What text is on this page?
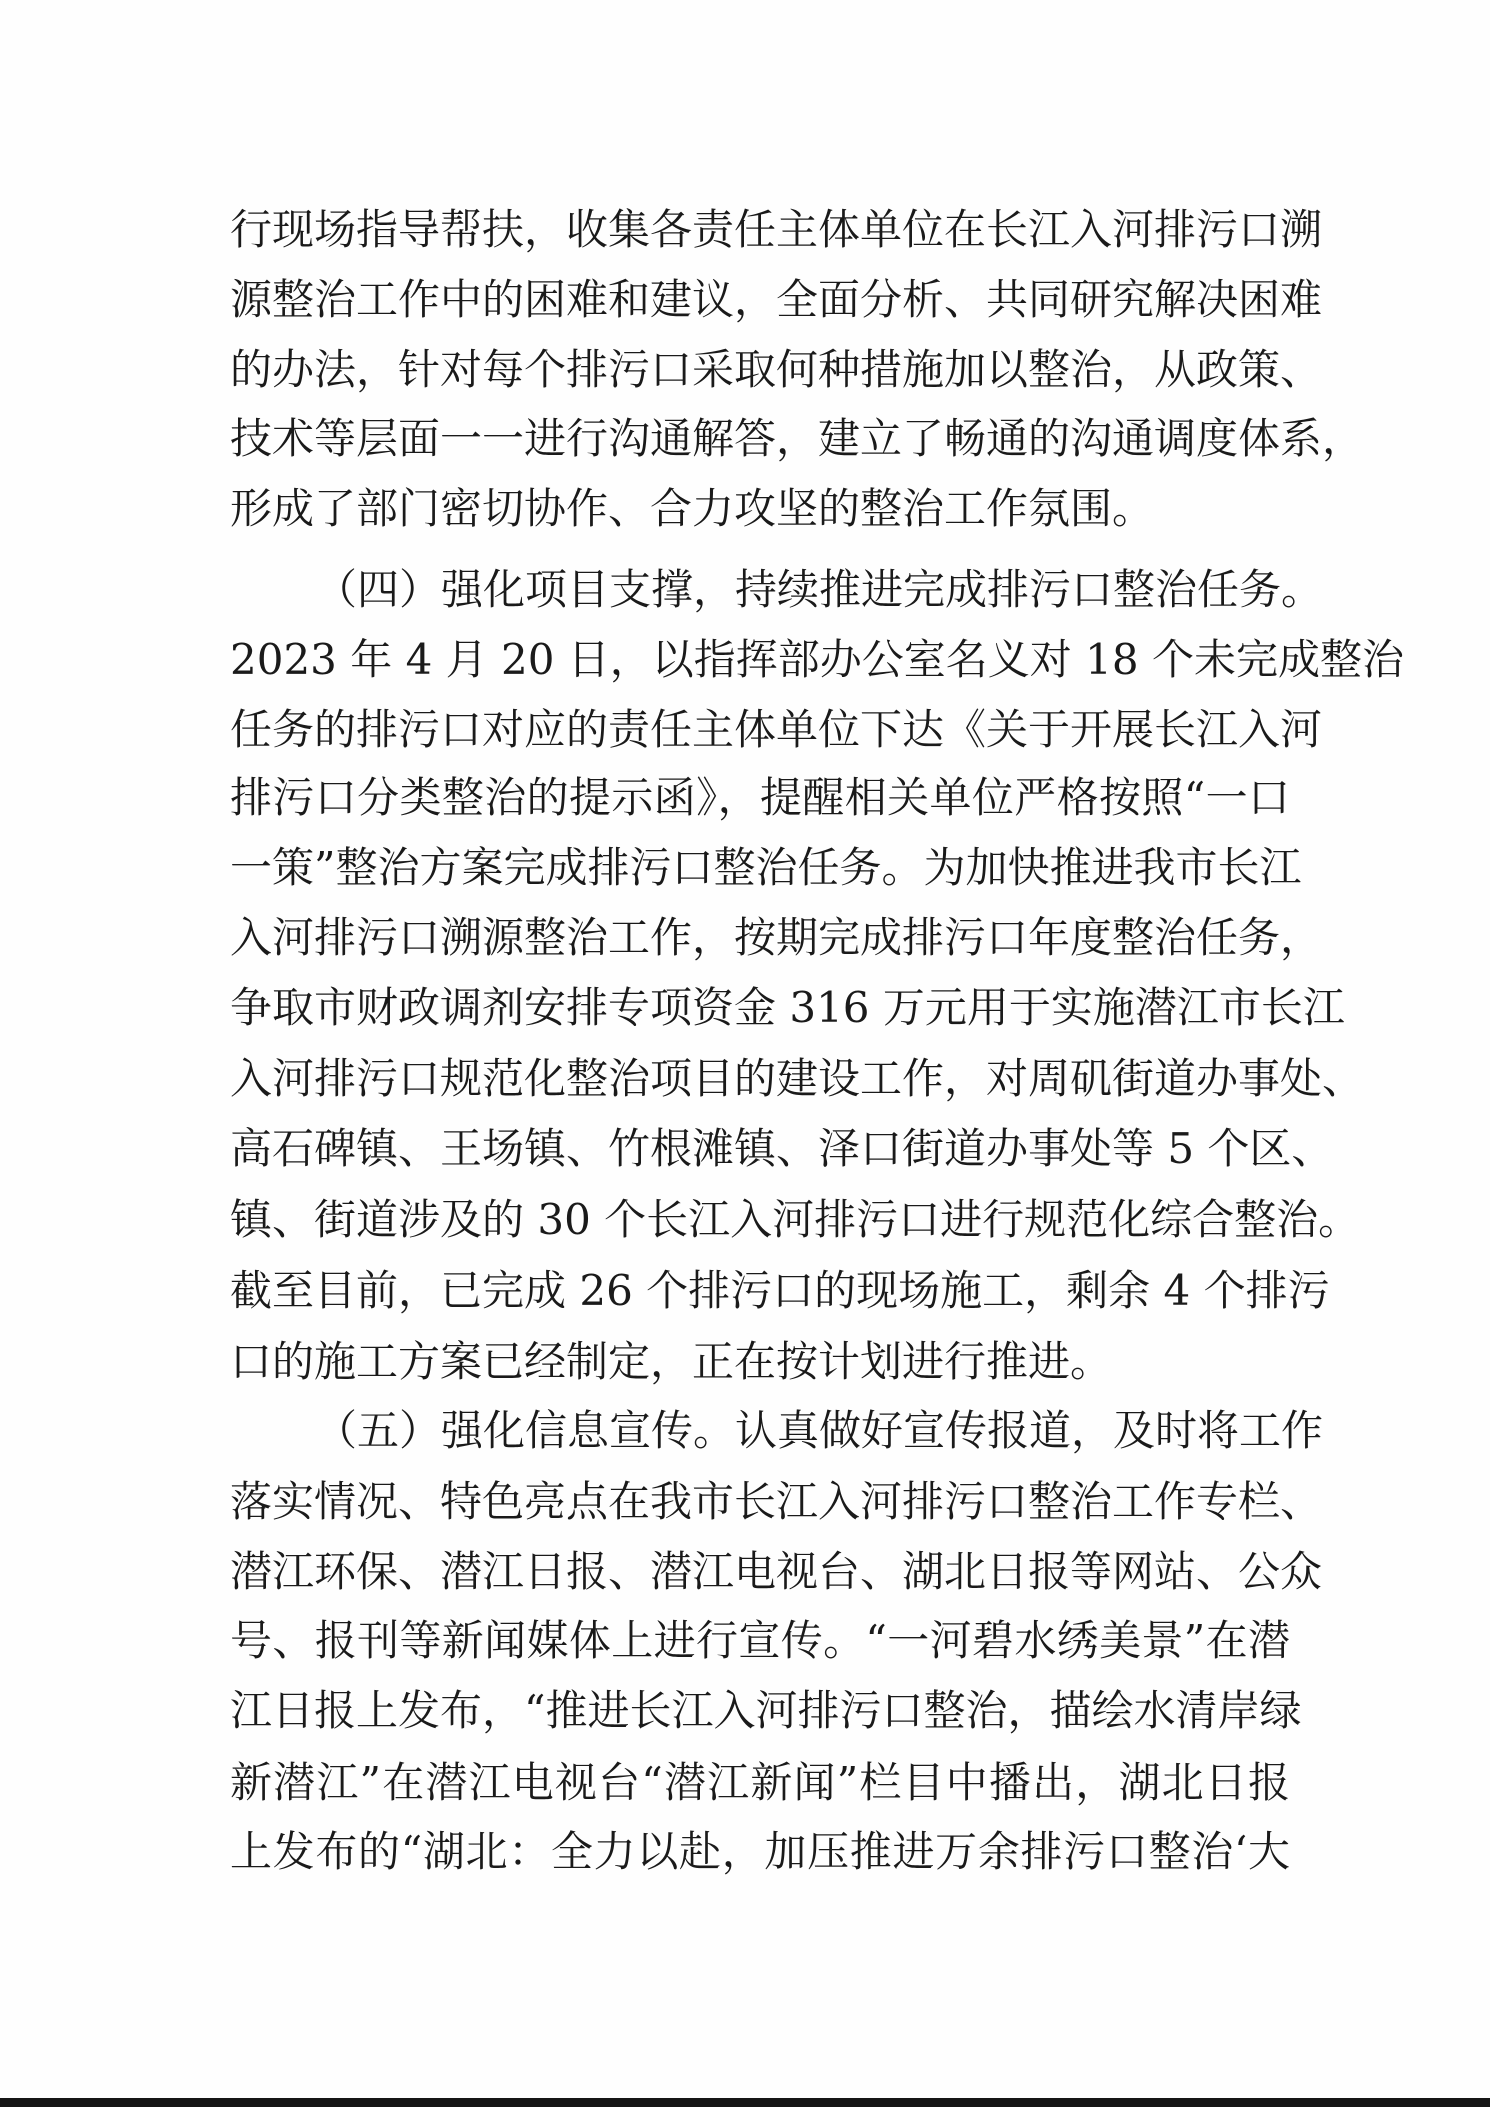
行现场指导帮扶，收集各责任主体单位在长江入河排污口溯
源整治工作中的困难和建议，全面分析、共同研究解决困难
的办法，针对每个排污口采取何种措施加以整治，从政策、
技术等层面一一进行沟通解答，建立了畅通的沟通调度体系，
形成了部门密切协作、合力攻坚的整治工作氛围。
（四）强化项目支撑，持续推进完成排污口整治任务。
2023 年 4 月 20 日，以指挥部办公室名义对 18 个未完成整治
任务的排污口对应的责任主体单位下达《关于开展长江入河
排污口分类整治的提示函》，提醒相关单位严格按照“一口
一策”整治方案完成排污口整治任务。为加快推进我市长江
入河排污口溯源整治工作，按期完成排污口年度整治任务，
争取市财政调剂安排专项资金 316 万元用于实施潜江市长江
入河排污口规范化整治项目的建设工作，对周矶街道办事处、
高石碑镇、王场镇、竹根滩镇、泽口街道办事处等 5 个区、
镇、街道涉及的 30 个长江入河排污口进行规范化综合整治。
截至目前，已完成 26 个排污口的现场施工，剩余 4 个排污
口的施工方案已经制定，正在按计划进行推进。
（五）强化信息宣传。认真做好宣传报道，及时将工作
落实情况、特色亮点在我市长江入河排污口整治工作专栏、
潜江环保、潜江日报、潜江电视台、湖北日报等网站、公众
号、报刊等新闻媒体上进行宣传。“一河碧水绣美景”在潜
江日报上发布，“推进长江入河排污口整治，描绘水清岸绿
新潜江”在潜江电视台“潜江新闻”栏目中播出，湖北日报
上发布的“湖北：全力以赴，加压推进万余排污口整治‘大
